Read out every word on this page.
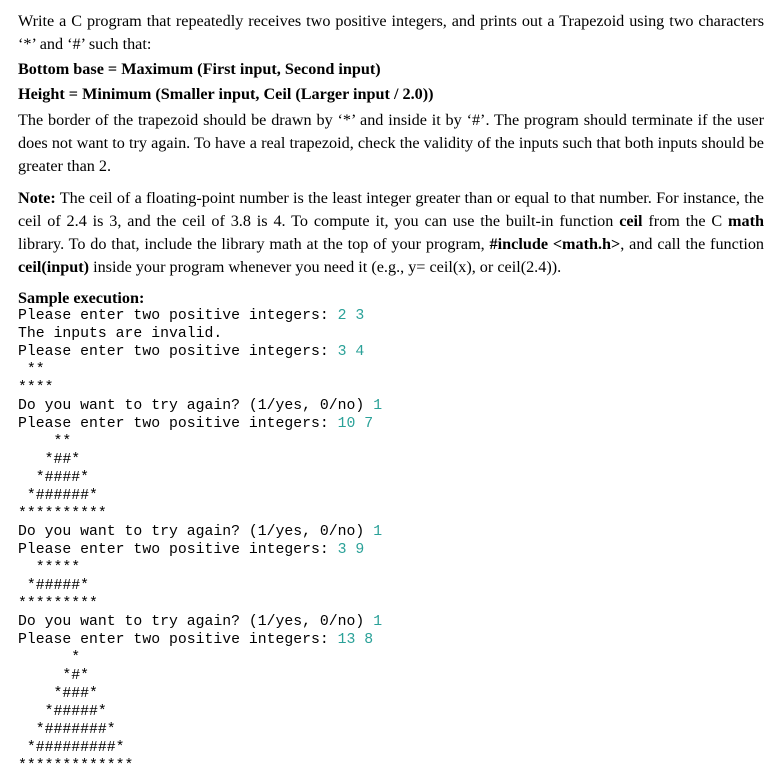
Write a C program that repeatedly receives two positive integers, and prints out a Trapezoid using two characters ‘*’ and ‘#’ such that:

Bottom base = Maximum (First input, Second input)

Height = Minimum (Smaller input, Ceil (Larger input / 2.0))

The border of the trapezoid should be drawn by ‘*’ and inside it by ‘#’. The program should terminate if the user does not want to try again. To have a real trapezoid, check the validity of the inputs such that both inputs should be greater than 2.

Note: The ceil of a floating-point number is the least integer greater than or equal to that number. For instance, the ceil of 2.4 is 3, and the ceil of 3.8 is 4. To compute it, you can use the built-in function ceil from the C math library. To do that, include the library math at the top of your program, #include <math.h>, and call the function ceil(input) inside your program whenever you need it (e.g., y= ceil(x), or ceil(2.4)).

Sample execution:

Please enter two positive integers: 2 3
The inputs are invalid.
Please enter two positive integers: 3 4
**
****
Do you want to try again? (1/yes, 0/no) 1
Please enter two positive integers: 10 7
**
*##*
*####*
*######*
**********
Do you want to try again? (1/yes, 0/no) 1
Please enter two positive integers: 3 9
*****
*#####*
*********
Do you want to try again? (1/yes, 0/no) 1
Please enter two positive integers: 13 8
*
*#*
*###*
*#####*
*#######*
*#########*
*************
